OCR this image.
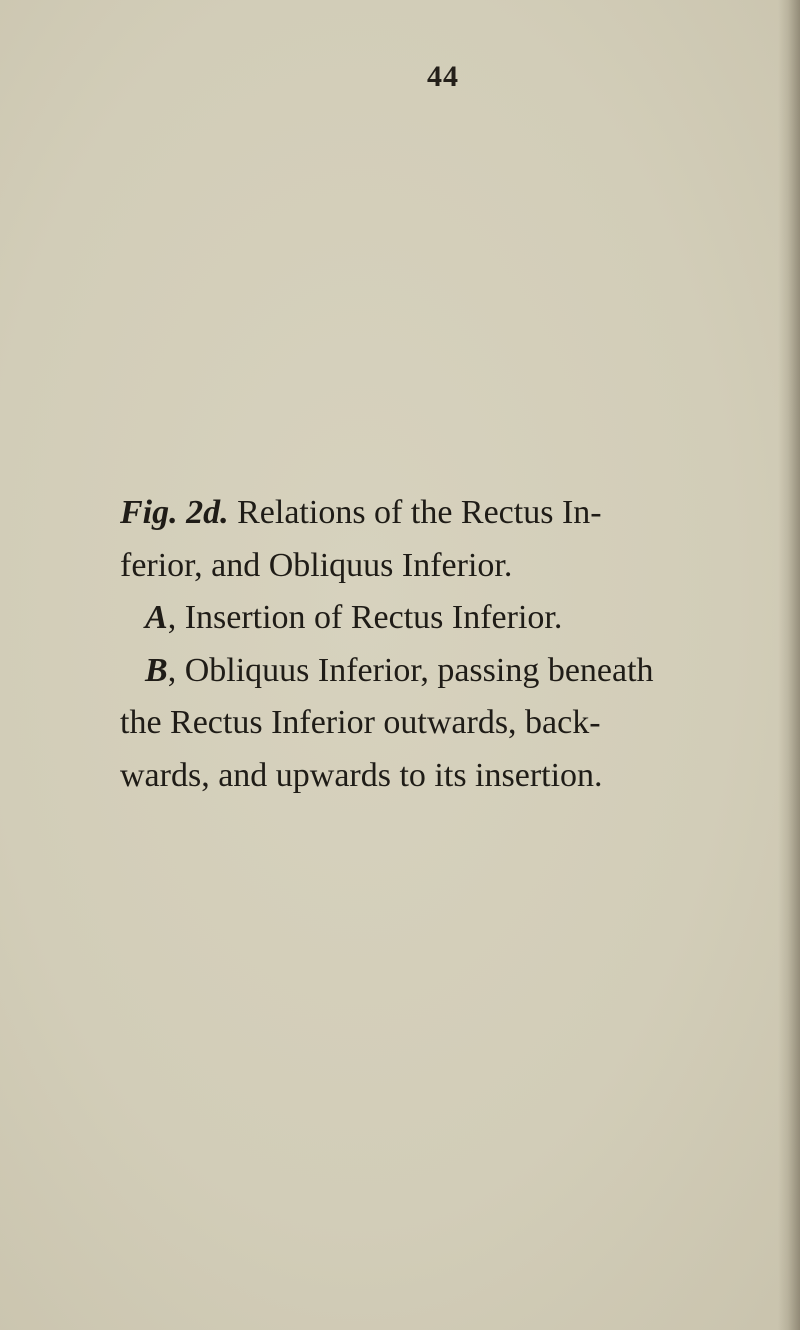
44
Fig. 2d. Relations of the Rectus In-
ferior, and Obliquus Inferior.
A, Insertion of Rectus Inferior.
B, Obliquus Inferior, passing beneath
the Rectus Inferior outwards, back-
wards, and upwards to its insertion.
